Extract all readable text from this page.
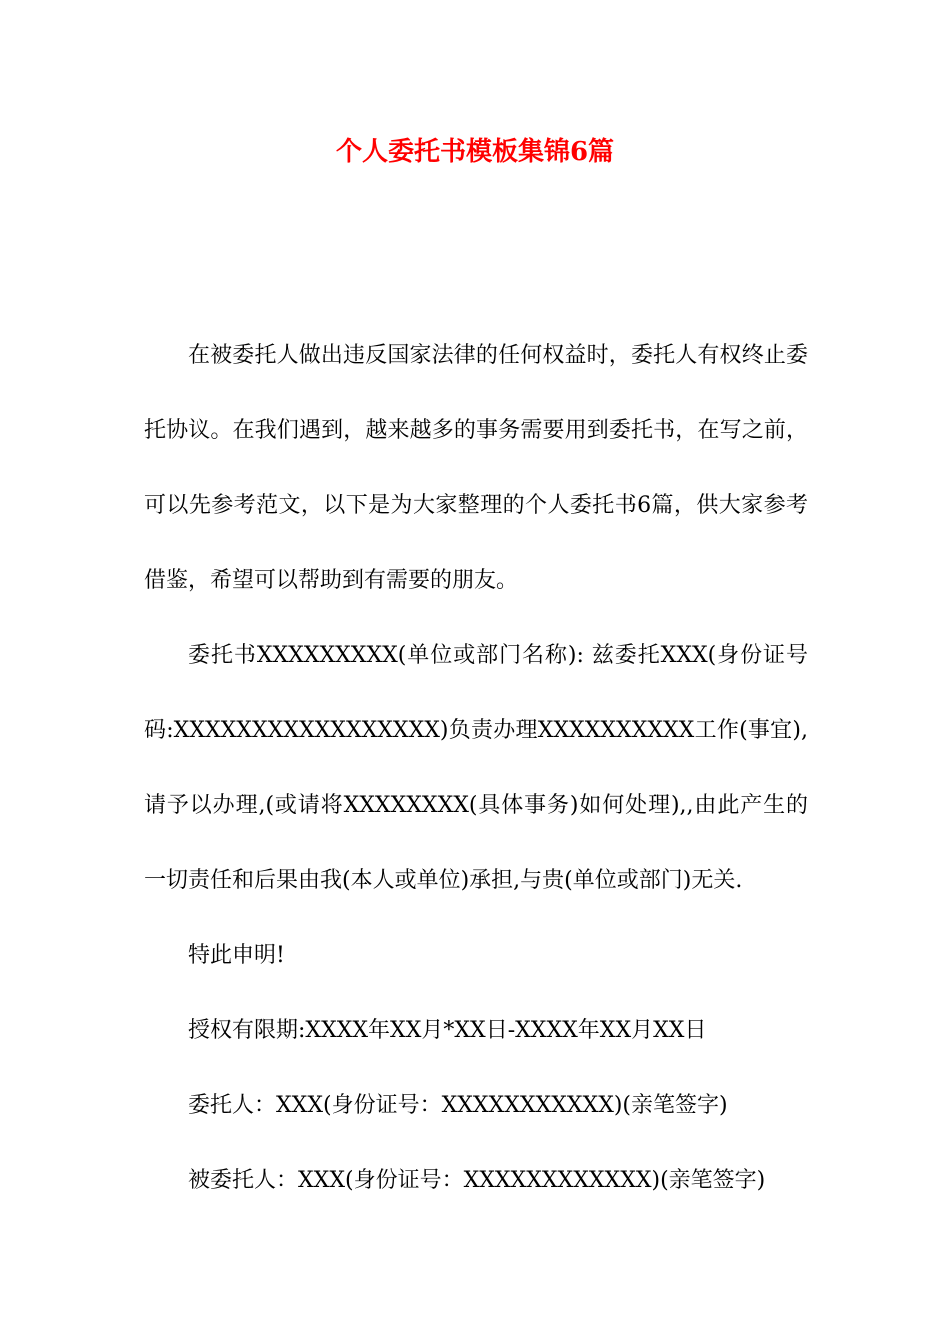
个人委托书模板集锦6篇

在被委托人做出违反国家法律的任何权益时，委托人有权终止委托协议。在我们遇到，越来越多的事务需要用到委托书，在写之前，可以先参考范文，以下是为大家整理的个人委托书6篇，供大家参考借鉴，希望可以帮助到有需要的朋友。

委托书XXXXXXXXX(单位或部门名称): 兹委托XXX(身份证号码:XXXXXXXXXXXXXXXXX)负责办理XXXXXXXXXX工作(事宜),请予以办理,(或请将XXXXXXXX(具体事务)如何处理),,由此产生的一切责任和后果由我(本人或单位)承担,与贵(单位或部门)无关.

特此申明!

授权有限期:XXXX年XX月*XX日-XXXX年XX月XX日

委托人：XXX(身份证号：XXXXXXXXXXX)(亲笔签字)

被委托人：XXX(身份证号：XXXXXXXXXXXX)(亲笔签字)
